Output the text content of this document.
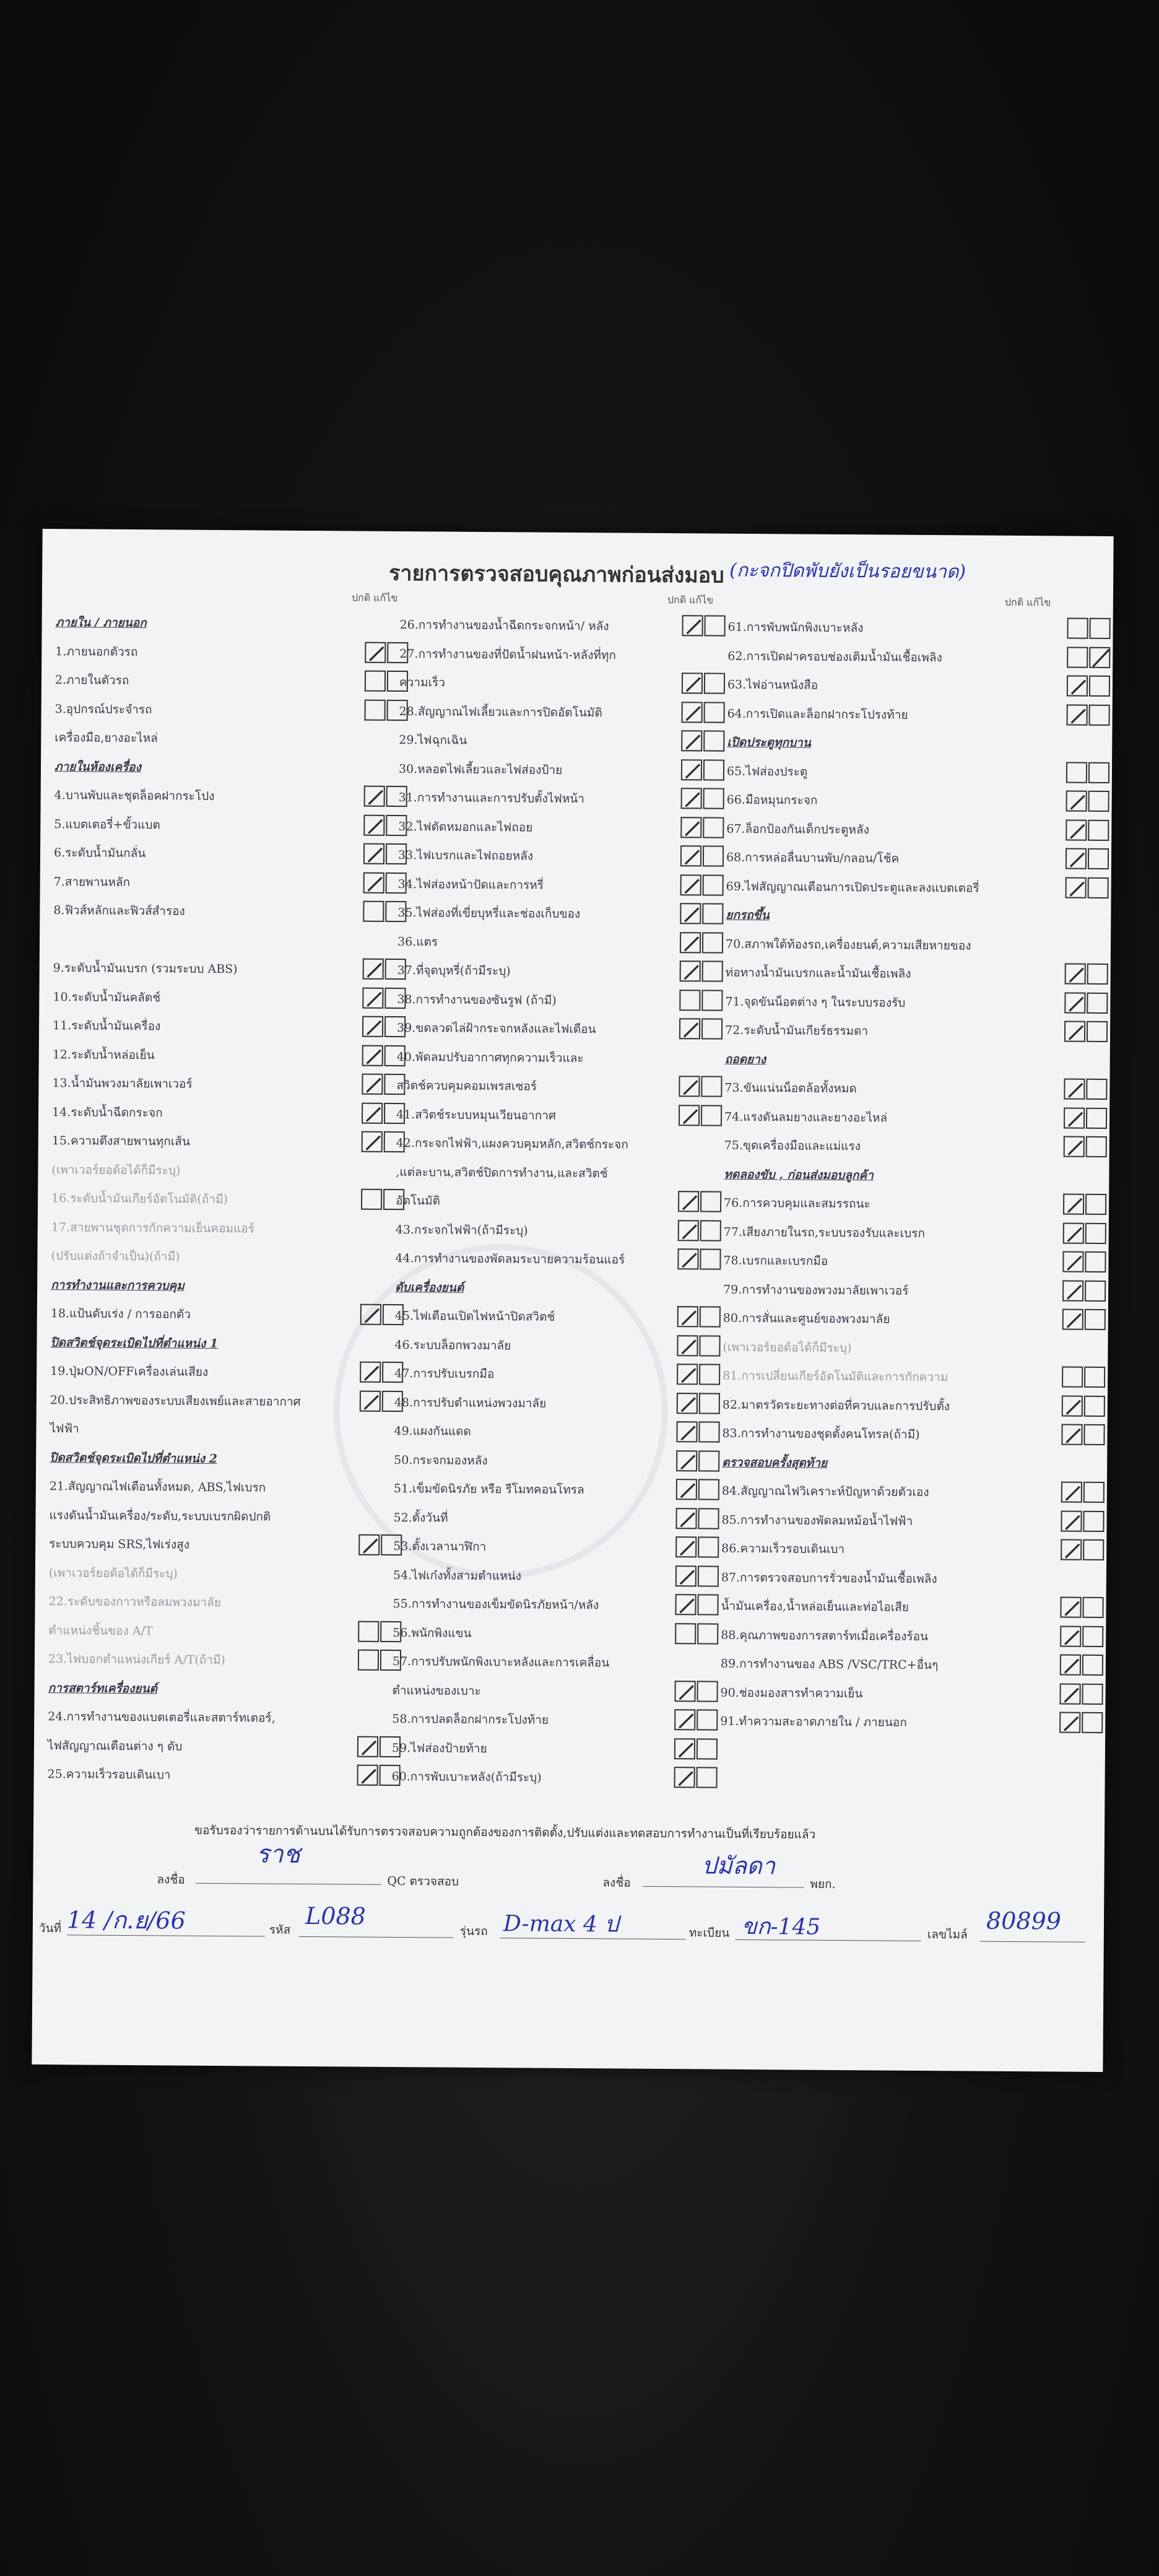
รายการตรวจสอบคุณภาพก่อนส่งมอบ (กะจกปิดพับยังเป็นรอยขนาด)
ปกติ แก้ไข	ปกติ แก้ไข	ปกติ แก้ไข
ภายใน / ภายนอก
1.ภายนอกตัวรถ
2.ภายในตัวรถ
3.อุปกรณ์ประจำรถ
เครื่องมือ,ยางอะไหล่
ภายในห้องเครื่อง
4.บานพับและชุดล็อคฝากระโปง
5.แบตเตอรี่+ขั้วแบต
6.ระดับน้ำมันกลั่น
7.สายพานหลัก
8.ฟิวส์หลักและฟิวส์สำรอง
9.ระดับน้ำมันเบรก (รวมระบบ ABS)
10.ระดับน้ำมันคลัตช์
11.ระดับน้ำมันเครื่อง
12.ระดับน้ำหล่อเย็น
13.น้ำมันพวงมาลัยเพาเวอร์
14.ระดับน้ำฉีดกระจก
15.ความตึงสายพานทุกเส้น
(เพาเวอร์ยอด้อได้ก็มีระบุ)
16.ระดับน้ำมันเกียร์อัตโนมัติ(ถ้ามี)
17.สายพานชุดการกักความเย็นคอมแอร์
(ปรับแต่งถ้าจำเป็น)(ถ้ามี)
การทำงานและการควบคุม
18.แป้นดับเร่ง / การออกตัว
ปิดสวิตช์จุดระเบิดไปที่ตำแหน่ง 1
19.ปุ่มON/OFFเครื่องเล่นเสียง
20.ประสิทธิภาพของระบบเสียงเพย์และสายอากาศ
ไฟฟ้า
ปิดสวิตช์จุดระเบิดไปที่ตำแหน่ง 2
21.สัญญาณไฟเตือนทั้งหมด, ABS,ไฟเบรก
แรงดันน้ำมันเครื่อง/ระดับ,ระบบเบรกผิดปกติ
ระบบควบคุม SRS,ไฟเร่งสูง
(เพาเวอร์ยอด้อได้ก็มีระบุ)
22.ระดับของกาวหรือลมพวงมาลัย
ตำแหน่งชิ้นของ A/T
23.ไฟบอกตำแหน่งเกียร์ A/T(ถ้ามี)
การสตาร์ทเครื่องยนต์
24.การทำงานของแบตเตอรี่และสตาร์ทเตอร์,
ไฟสัญญาณเตือนต่าง ๆ ดับ
25.ความเร็วรอบเดินเบา
26.การทำงานของน้ำฉีดกระจกหน้า/ หลัง
27.การทำงานของที่ปัดน้ำฝนหน้า-หลังที่ทุก
ความเร็ว
28.สัญญาณไฟเลี้ยวและการปิดอัตโนมัติ
29.ไฟฉุกเฉิน
30.หลอดไฟเลี้ยวและไฟส่องป้าย
31.การทำงานและการปรับตั้งไฟหน้า
32.ไฟตัดหมอกและไฟถอย
33.ไฟเบรกและไฟถอยหลัง
34.ไฟส่องหน้าปัดและการหรี่
35.ไฟส่องที่เขี่ยบุหรี่และช่องเก็บของ
36.แตร
37.ที่จุดบุหรี่(ถ้ามีระบุ)
38.การทำงานของซันรูฟ (ถ้ามี)
39.ขดลวดไล่ฝ้ากระจกหลังและไฟเตือน
40.พัดลมปรับอากาศทุกความเร็วและ
สวิตช์ควบคุมคอมเพรสเซอร์
41.สวิตช์ระบบหมุนเวียนอากาศ
42.กระจกไฟฟ้า,แผงควบคุมหลัก,สวิตช์กระจก
,แต่ละบาน,สวิตช์ปิดการทำงาน,และสวิตช์
อัตโนมัติ
43.กระจกไฟฟ้า(ถ้ามีระบุ)
44.การทำงานของพัดลมระบายความร้อนแอร์
ดับเครื่องยนต์
45.ไฟเตือนเปิดไฟหน้าปิดสวิตช์
46.ระบบล็อกพวงมาลัย
47.การปรับเบรกมือ
48.การปรับตำแหน่งพวงมาลัย
49.แผงกันแดด
50.กระจกมองหลัง
51.เข็มขัดนิรภัย หรือ รีโมทคอนโทรล
52.ตั้งวันที่
53.ตั้งเวลานาฬิกา
54.ไฟเก๋งทั้งสามตำแหน่ง
55.การทำงานของเข็มขัดนิรภัยหน้า/หลัง
56.พนักพิงแขน
57.การปรับพนักพิงเบาะหลังและการเคลื่อน
ตำแหน่งของเบาะ
58.การปลดล็อกฝากระโปงท้าย
59.ไฟส่องป้ายท้าย
60.การพับเบาะหลัง(ถ้ามีระบุ)
61.การพับพนักพิงเบาะหลัง
62.การเปิดฝาครอบช่องเติมน้ำมันเชื้อเพลิง
63.ไฟอ่านหนังสือ
64.การเปิดและล็อกฝากระโปรงท้าย
เปิดประตูทุกบาน
65.ไฟส่องประตู
66.มือหมุนกระจก
67.ล็อกป้องกันเด็กประตูหลัง
68.การหล่อลื่นบานพับ/กลอน/โช้ค
69.ไฟสัญญาณเตือนการเปิดประตูและลงแบตเตอรี่
ยกรถขึ้น
70.สภาพใต้ท้องรถ,เครื่องยนต์,ความเสียหายของ
ท่อทางน้ำมันเบรกและน้ำมันเชื้อเพลิง
71.จุดขันน็อตต่าง ๆ ในระบบรองรับ
72.ระดับน้ำมันเกียร์ธรรมดา
ถอดยาง
73.ขันแน่นน็อตล้อทั้งหมด
74.แรงดันลมยางและยางอะไหล่
75.ขุดเครื่องมือและแม่แรง
ทดลองขับ , ก่อนส่งมอบลูกค้า
76.การควบคุมและสมรรถนะ
77.เสียงภายในรถ,ระบบรองรับและเบรก
78.เบรกและเบรกมือ
79.การทำงานของพวงมาลัยเพาเวอร์
80.การสั่นและศูนย์ของพวงมาลัย
(เพาเวอร์ยอด้อได้ก็มีระบุ)
81.การเปลี่ยนเกียร์อัตโนมัติและการกักความ
82.มาตรวัดระยะทางต่อที่ควบและการปรับตั้ง
83.การทำงานของชุดตั้งคนโทรล(ถ้ามี)
ตรวจสอบครั้งสุดท้าย
84.สัญญาณไฟวิเคราะห์ปัญหาด้วยตัวเอง
85.การทำงานของพัดลมหม้อน้ำไฟฟ้า
86.ความเร็วรอบเดินเบา
87.การตรวจสอบการรั่วของน้ำมันเชื้อเพลิง
น้ำมันเครื่อง,น้ำหล่อเย็นและท่อไอเสีย
88.คุณภาพของการสตาร์ทเมื่อเครื่องร้อน
89.การทำงานของ ABS /VSC/TRC+อื่นๆ
90.ช่องมองสารทำความเย็น
91.ทำความสะอาดภายใน / ภายนอก
ขอรับรองว่ารายการด้านบนได้รับการตรวจสอบความถูกต้องของการติดตั้ง,ปรับแต่งและทดสอบการทำงานเป็นที่เรียบร้อยแล้ว
ลงชื่อ
ราช
QC ตรวจสอบ	ลงชื่อ
ปมัลดา
พยก.
วันที่ 14 /ก.ย/66	รหัส
L088
รุ่นรถ D-max 4 ป	ทะเบียน ขก-145	เลขไมล์ 80899
